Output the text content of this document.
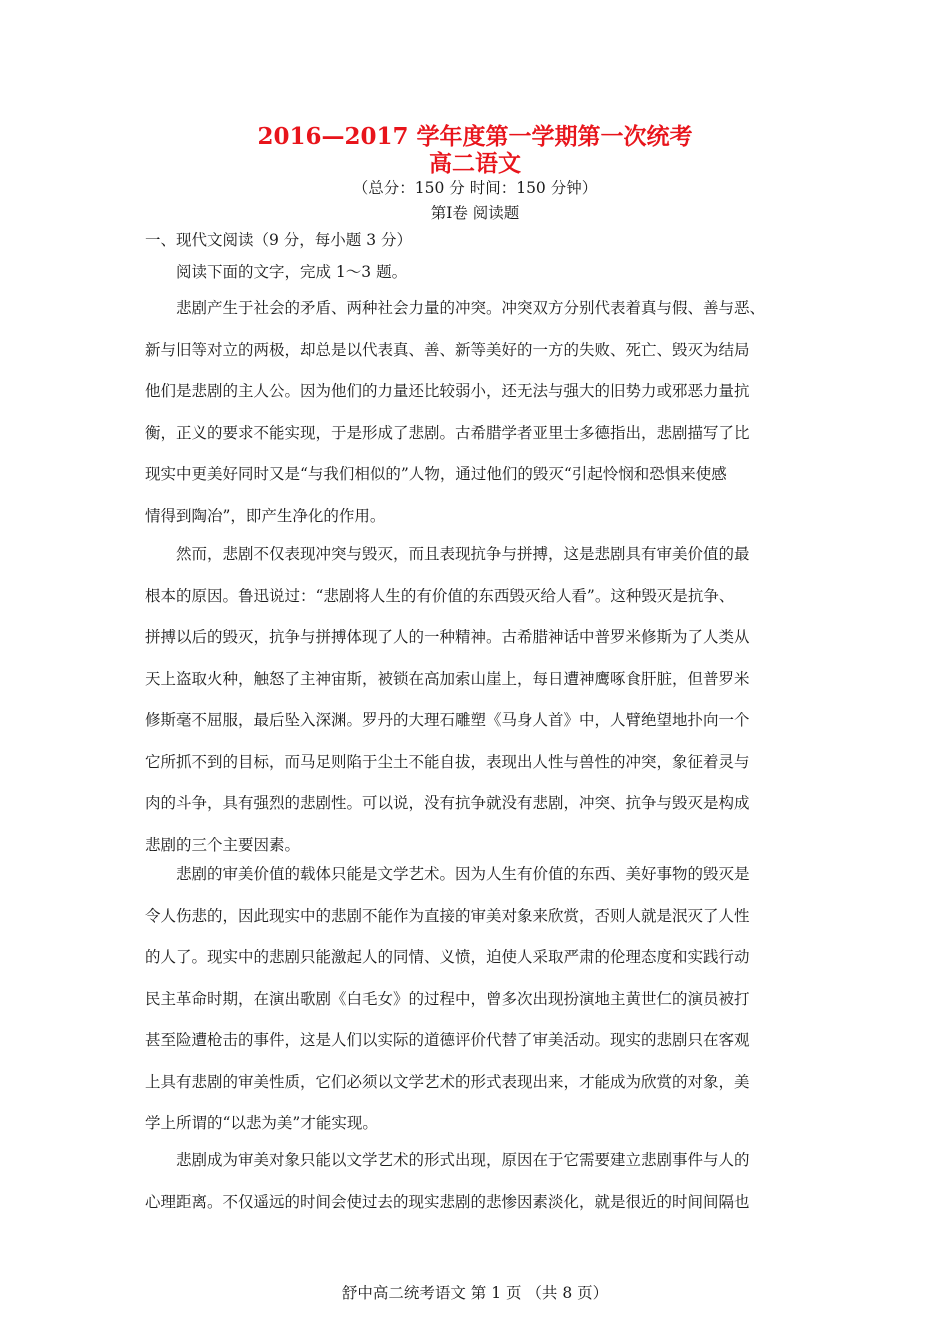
2016—2017 学年度第一学期第一次统考
高二语文
（总分：150 分 时间：150 分钟）
第Ⅰ卷 阅读题
一、现代文阅读（9 分，每小题 3 分）
阅读下面的文字，完成 1～3 题。
　　悲剧产生于社会的矛盾、两种社会力量的冲突。冲突双方分别代表着真与假、善与恶、
新与旧等对立的两极，却总是以代表真、善、新等美好的一方的失败、死亡、毁灭为结局
他们是悲剧的主人公。因为他们的力量还比较弱小，还无法与强大的旧势力或邪恶力量抗
衡，正义的要求不能实现，于是形成了悲剧。古希腊学者亚里士多德指出，悲剧描写了比
现实中更美好同时又是“与我们相似的”人物，通过他们的毁灭“引起怜悯和恐惧来使感
情得到陶冶”，即产生净化的作用。
　　然而，悲剧不仅表现冲突与毁灭，而且表现抗争与拼搏，这是悲剧具有审美价值的最
根本的原因。鲁迅说过：“悲剧将人生的有价值的东西毁灭给人看”。这种毁灭是抗争、
拼搏以后的毁灭，抗争与拼搏体现了人的一种精神。古希腊神话中普罗米修斯为了人类从
天上盗取火种，触怒了主神宙斯，被锁在高加索山崖上，每日遭神鹰啄食肝脏，但普罗米
修斯毫不屈服，最后坠入深渊。罗丹的大理石雕塑《马身人首》中，人臂绝望地扑向一个
它所抓不到的目标，而马足则陷于尘土不能自拔，表现出人性与兽性的冲突，象征着灵与
肉的斗争，具有强烈的悲剧性。可以说，没有抗争就没有悲剧，冲突、抗争与毁灭是构成
悲剧的三个主要因素。
　　悲剧的审美价值的载体只能是文学艺术。因为人生有价值的东西、美好事物的毁灭是
令人伤悲的，因此现实中的悲剧不能作为直接的审美对象来欣赏，否则人就是泯灭了人性
的人了。现实中的悲剧只能激起人的同情、义愤，迫使人采取严肃的伦理态度和实践行动
民主革命时期，在演出歌剧《白毛女》的过程中，曾多次出现扮演地主黄世仁的演员被打
甚至险遭枪击的事件，这是人们以实际的道德评价代替了审美活动。现实的悲剧只在客观
上具有悲剧的审美性质，它们必须以文学艺术的形式表现出来，才能成为欣赏的对象，美
学上所谓的“以悲为美”才能实现。
　　悲剧成为审美对象只能以文学艺术的形式出现，原因在于它需要建立悲剧事件与人的
心理距离。不仅遥远的时间会使过去的现实悲剧的悲惨因素淡化，就是很近的时间间隔也
舒中高二统考语文 第 1 页 （共 8 页）
